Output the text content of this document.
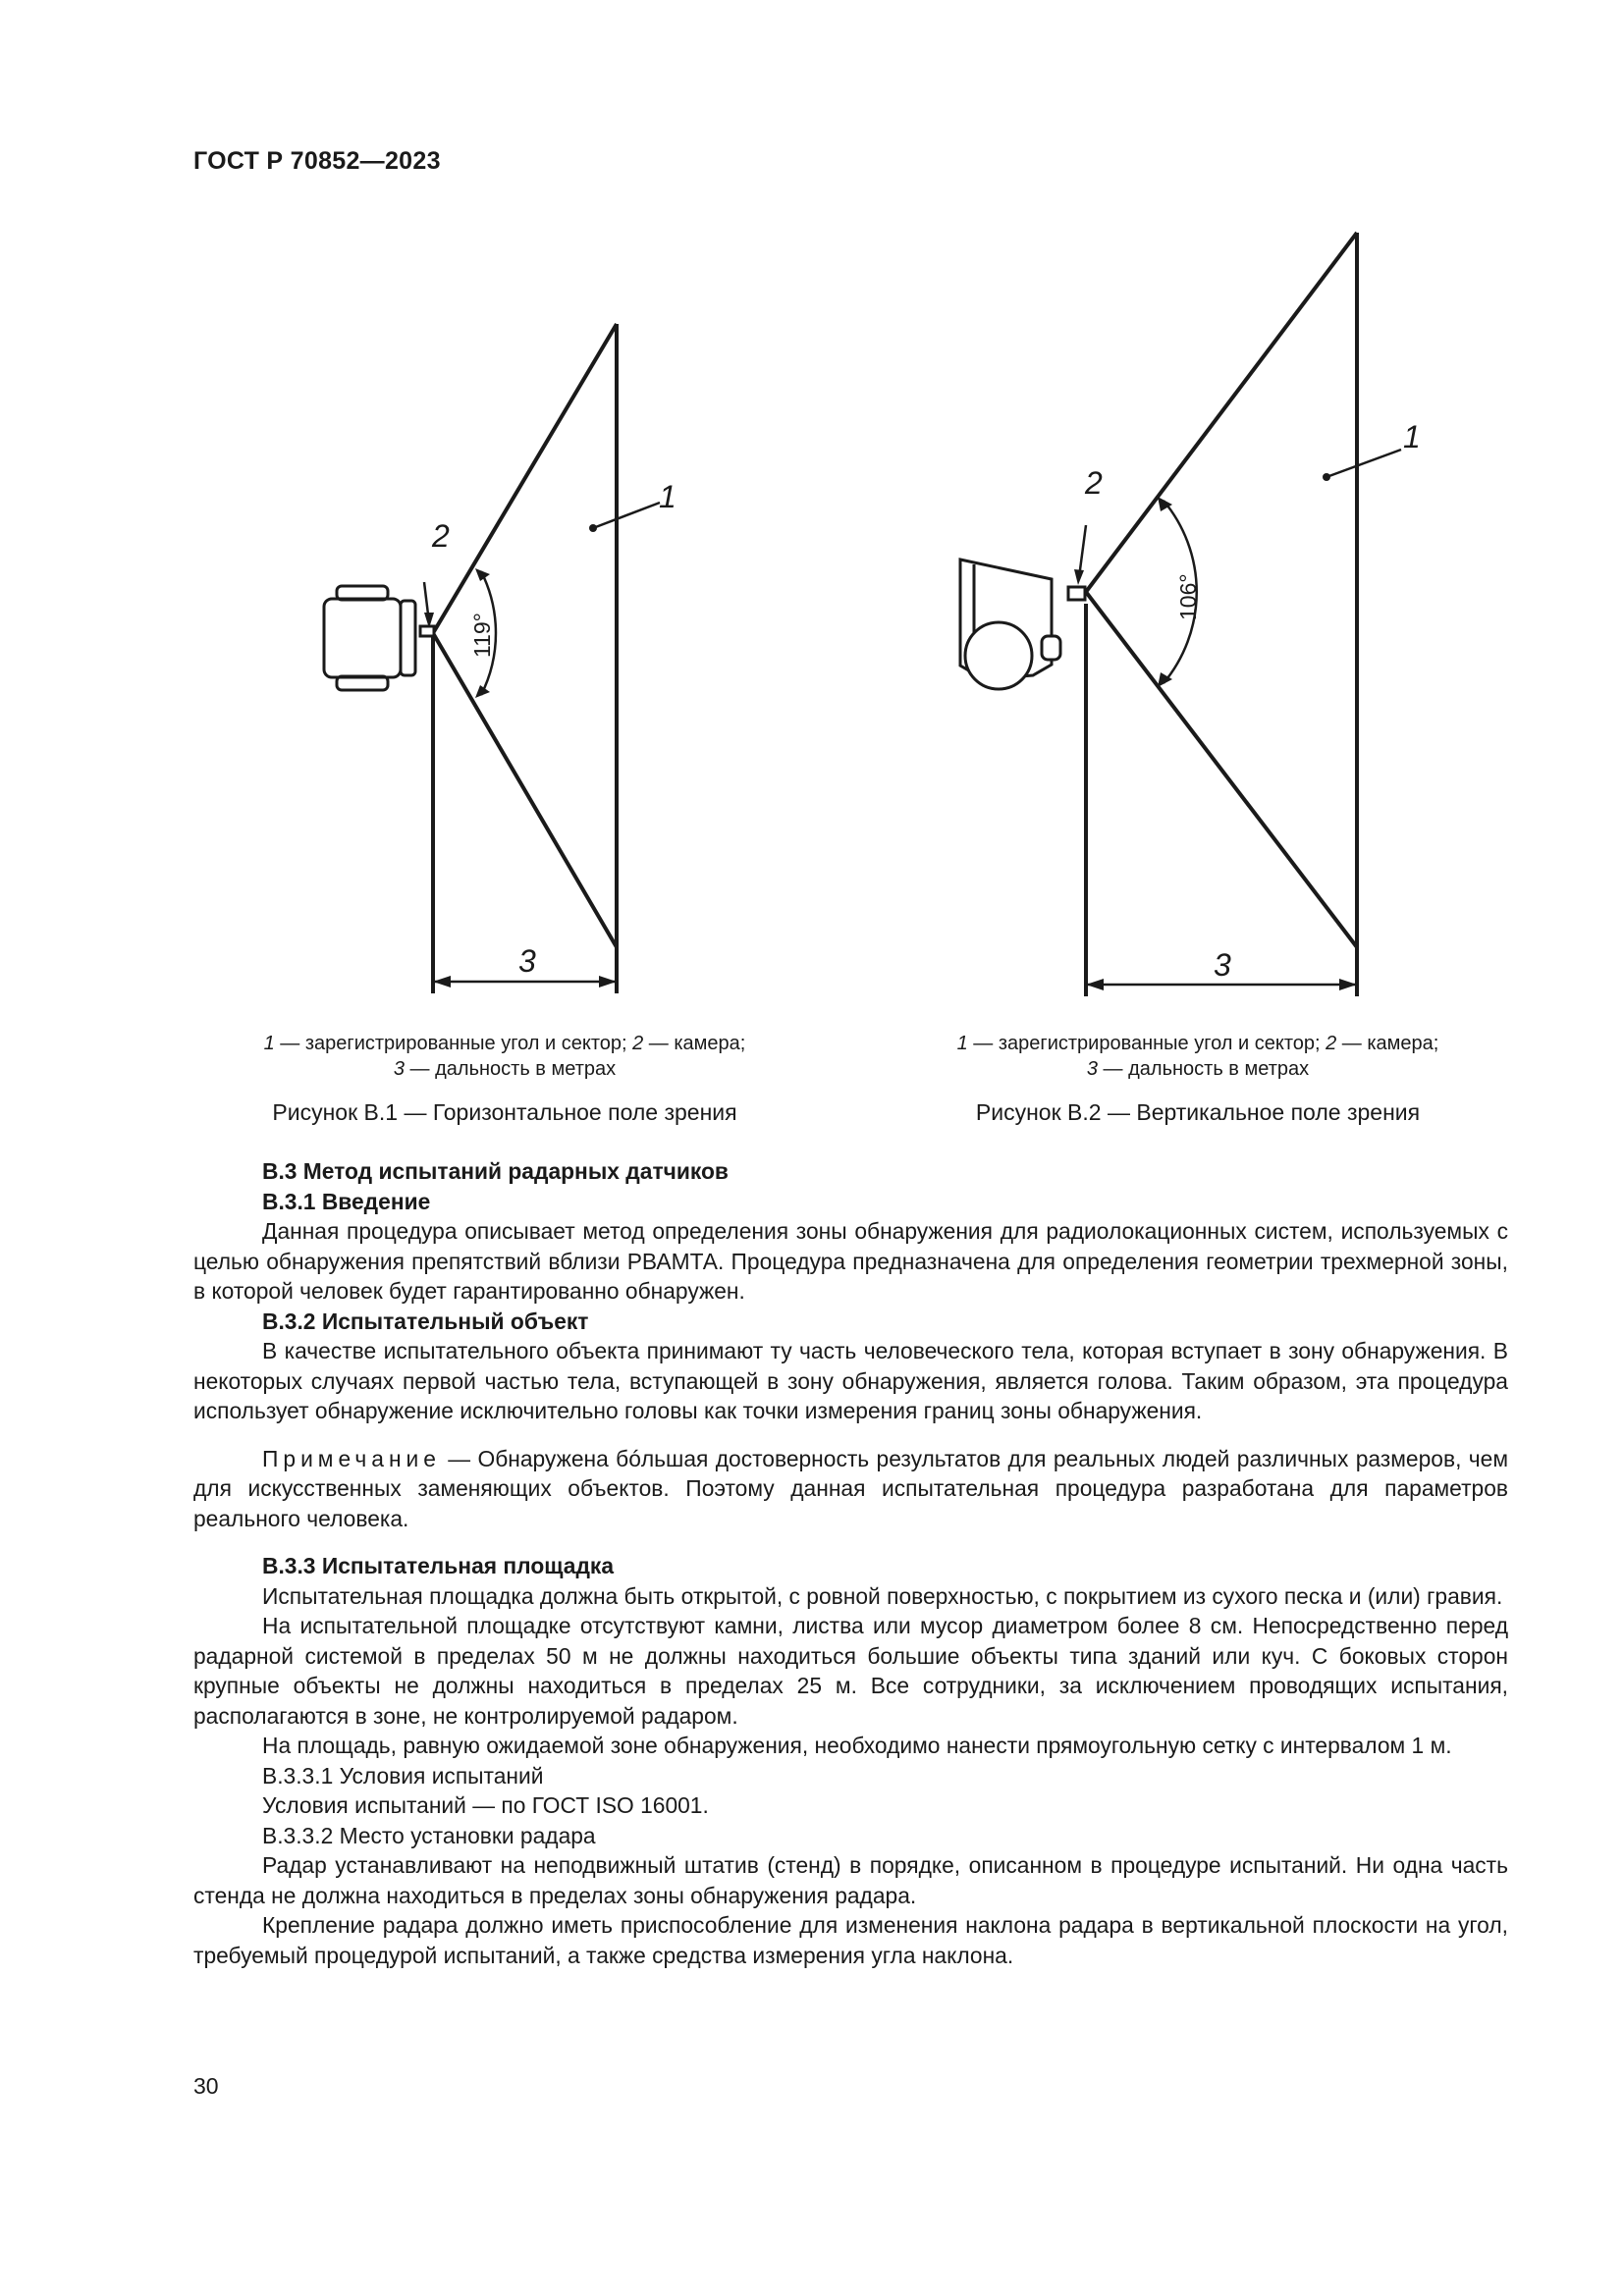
ГОСТ Р 70852—2023
1
2
3
119°
1
2
3
106°
1 — зарегистрированные угол и сектор; 2 — камера;
3 — дальность в метрах
Рисунок В.1 — Горизонтальное поле зрения
1 — зарегистрированные угол и сектор; 2 — камера;
3 — дальность в метрах
Рисунок В.2 — Вертикальное поле зрения

В.3 Метод испытаний радарных датчиков

В.3.1 Введение

Данная процедура описывает метод определения зоны обнаружения для радиолокационных систем, используемых с целью обнаружения препятствий вблизи РВАМТА. Процедура предназначена для определения геометрии трехмерной зоны, в которой человек будет гарантированно обнаружен.

В.3.2 Испытательный объект

В качестве испытательного объекта принимают ту часть человеческого тела, которая вступает в зону обнаружения. В некоторых случаях первой частью тела, вступающей в зону обнаружения, является голова. Таким образом, эта процедура использует обнаружение исключительно головы как точки измерения границ зоны обнаружения.

Примечание — Обнаружена бóльшая достоверность результатов для реальных людей различных размеров, чем для искусственных заменяющих объектов. Поэтому данная испытательная процедура разработана для параметров реального человека.

В.3.3 Испытательная площадка

Испытательная площадка должна быть открытой, с ровной поверхностью, с покрытием из сухого песка и (или) гравия.

На испытательной площадке отсутствуют камни, листва или мусор диаметром более 8 см. Непосредственно перед радарной системой в пределах 50 м не должны находиться большие объекты типа зданий или куч. С боковых сторон крупные объекты не должны находиться в пределах 25 м. Все сотрудники, за исключением проводящих испытания, располагаются в зоне, не контролируемой радаром.

На площадь, равную ожидаемой зоне обнаружения, необходимо нанести прямоугольную сетку с интервалом 1 м.

В.3.3.1 Условия испытаний

Условия испытаний — по ГОСТ ISO 16001.

В.3.3.2 Место установки радара

Радар устанавливают на неподвижный штатив (стенд) в порядке, описанном в процедуре испытаний. Ни одна часть стенда не должна находиться в пределах зоны обнаружения радара.

Крепление радара должно иметь приспособление для изменения наклона радара в вертикальной плоскости на угол, требуемый процедурой испытаний, а также средства измерения угла наклона.

30
